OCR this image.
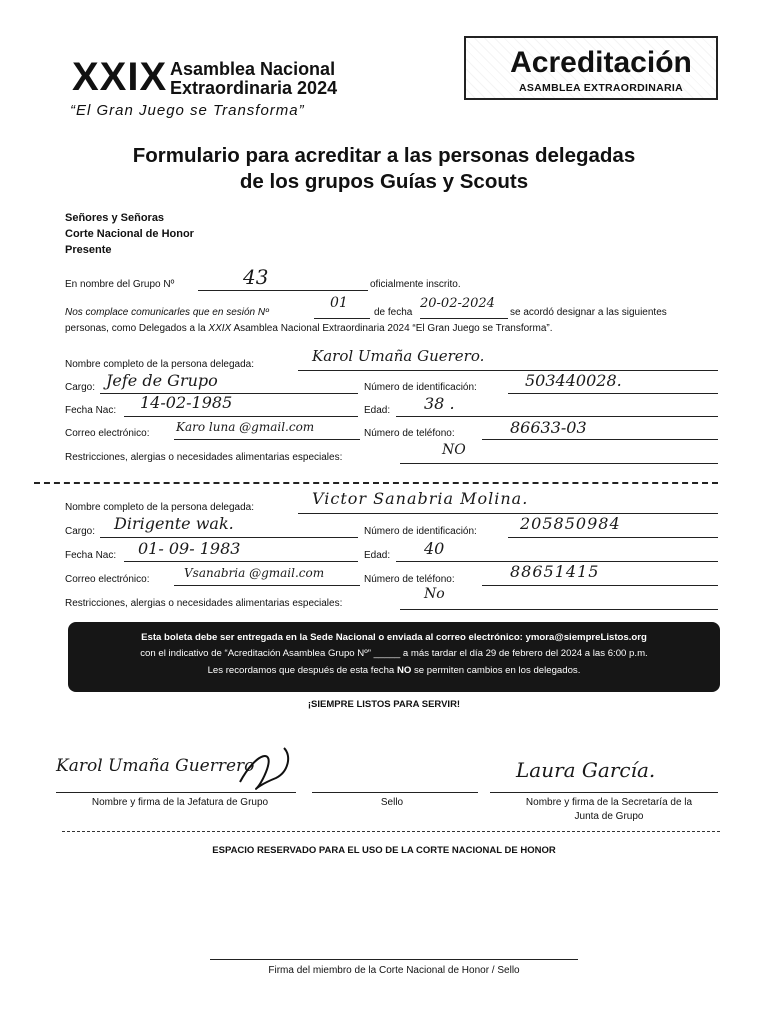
XXIX Asamblea Nacional
Extraordinaria 2024
“El Gran Juego se Transforma”
Acreditación
ASAMBLEA EXTRAORDINARIA
Formulario para acreditar a las personas delegadas
de los grupos Guías y Scouts
Señores y Señoras
Corte Nacional de Honor
Presente
En nombre del Grupo Nº	43	oficialmente inscrito.
Nos complace comunicarles que en sesión Nº
01
de fecha
20-02-2024
se acordó designar a las siguientes
personas, como Delegados a la XXIX Asamblea Nacional Extraordinaria 2024 “El Gran Juego se Transforma”.
Nombre completo de la persona delegada:	Karol Umaña Guerero.
Cargo: Jefe de Grupo	Número de identificación:	503440028.
Fecha Nac: 14-02-1985	Edad: 38 .
Correo electrónico: Karo luna @gmail.com	Número de teléfono:	86633-03
Restricciones, alergias o necesidades alimentarias especiales:	NO
Nombre completo de la persona delegada:	Victor Sanabria Molina.
Cargo: Dirigente wak.	Número de identificación:	205850984
Fecha Nac: 01- 09- 1983	Edad: 40
Correo electrónico:	Vsanabria @gmail.com	Número de teléfono:	88651415
Restricciones, alergias o necesidades alimentarias especiales:
No
Esta boleta debe ser entregada en la Sede Nacional o enviada al correo electrónico: ymora@siempreListos.org
con el indicativo de “Acreditación Asamblea Grupo Nº” _____ a más tardar el día 29 de febrero del 2024 a las 6:00 p.m.
Les recordamos que después de esta fecha NO se permiten cambios en los delegados.
¡SIEMPRE LISTOS PARA SERVIR!
Karol Umaña Guerrero
Nombre y firma de la Jefatura de Grupo	Sello
Laura García.
Nombre y firma de la Secretaría de la
Junta de Grupo
ESPACIO RESERVADO PARA EL USO DE LA CORTE NACIONAL DE HONOR
Firma del miembro de la Corte Nacional de Honor / Sello
